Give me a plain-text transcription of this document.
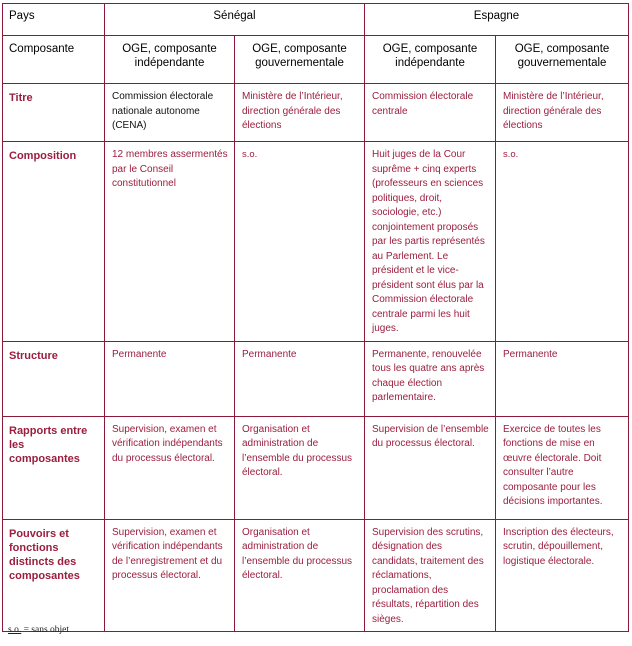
Pays	Sénégal		Espagne	
Composante	OGE, composante indépendante	OGE, composante gouvernementale	OGE, composante indépendante	OGE, composante gouvernementale
Titre	Commission électorale nationale autonome (CENA)	Ministère de l’Intérieur, direction générale des élections	Commission électorale centrale	Ministère de l’Intérieur, direction générale des élections
Composition	12 membres assermentés par le Conseil constitutionnel	s.o.	Huit juges de la Cour suprême + cinq experts (professeurs en sciences politiques, droit, sociologie, etc.) conjointement proposés par les partis représentés au Parlement. Le président et le vice-président sont élus par la Commission électorale centrale parmi les huit juges.	s.o.
Structure	Permanente	Permanente	Permanente, renouvelée tous les quatre ans après chaque élection parlementaire.	Permanente
Rapports entre les composantes	Supervision, examen et vérification indépendants du processus électoral.	Organisation et administration de l’ensemble du processus électoral.	Supervision de l’ensemble du processus électoral.	Exercice de toutes les fonctions de mise en œuvre électorale. Doit consulter l’autre composante pour les décisions importantes.
Pouvoirs et fonctions distincts des composantes	Supervision, examen et vérification indépendants de l’enregistrement et du processus électoral.	Organisation et administration de l’ensemble du processus électoral.	Supervision des scrutins, désignation des candidats, traitement des réclamations, proclamation des résultats, répartition des sièges.	Inscription des électeurs, scrutin, dépouillement, logistique électorale.
s.o. = sans objet
